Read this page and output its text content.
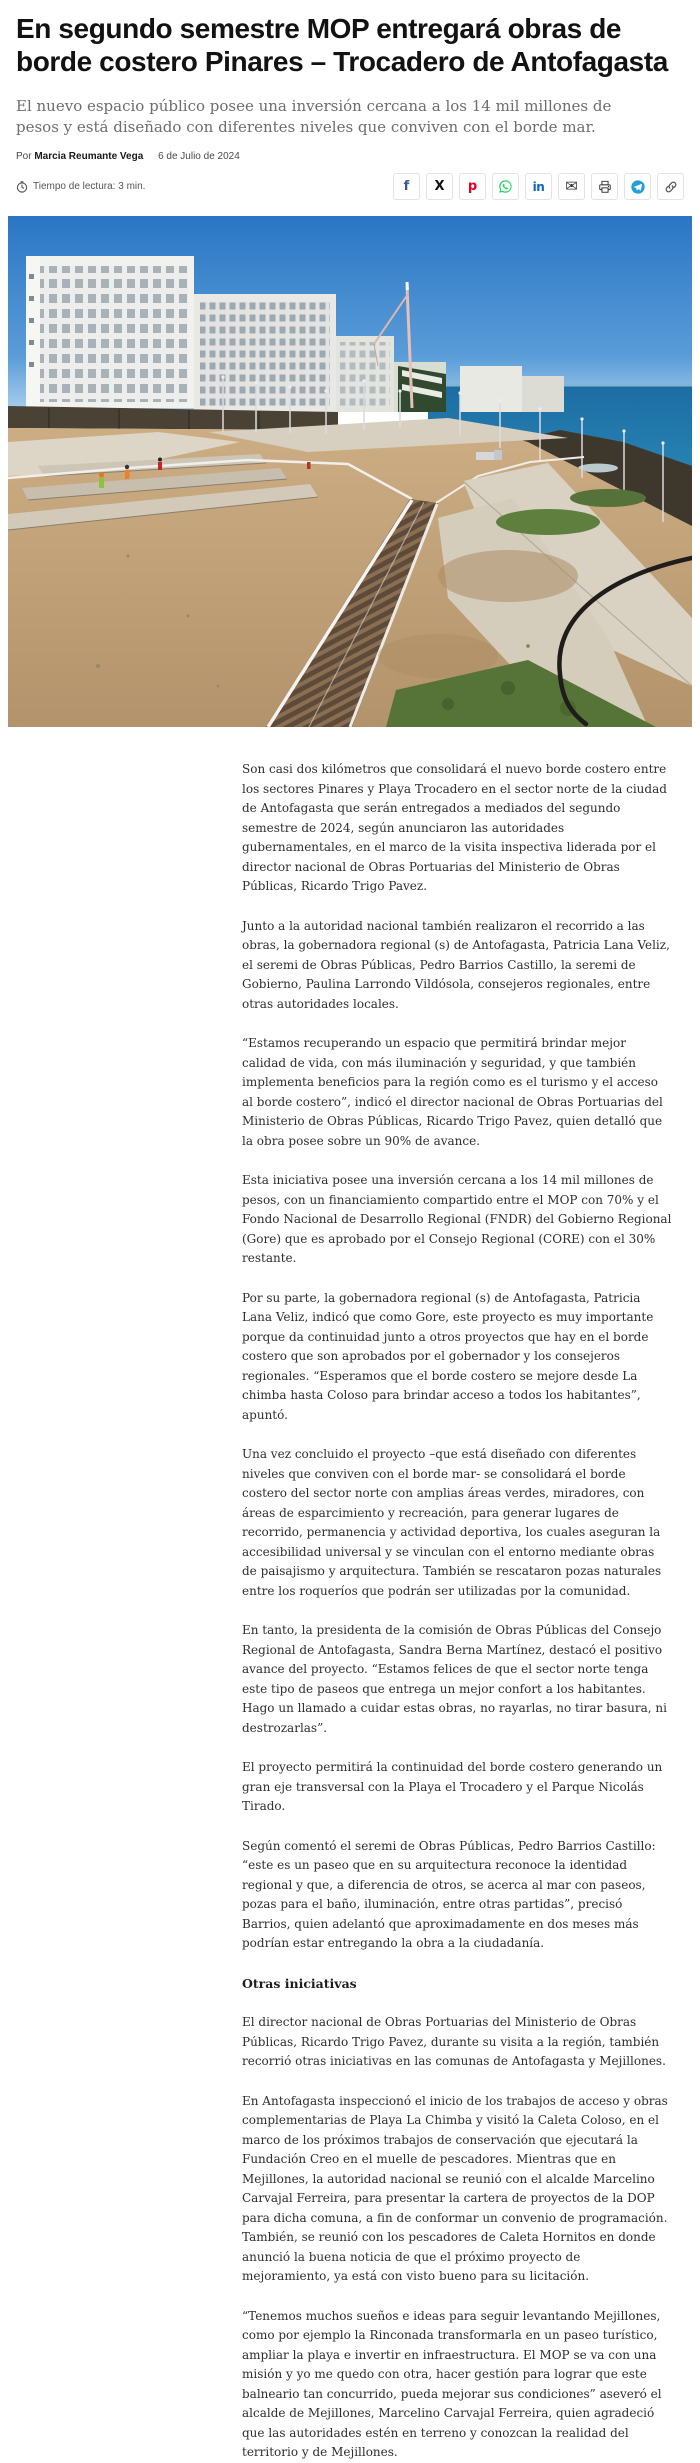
En segundo semestre MOP entregará obras de borde costero Pinares – Trocadero de Antofagasta

El nuevo espacio público posee una inversión cercana a los 14 mil millones de pesos y está diseñado con diferentes niveles que conviven con el borde mar.

Por Marcia Reumante Vega 6 de Julio de 2024
Tiempo de lectura: 3 min.	f X p	in ✉

Son casi dos kilómetros que consolidará el nuevo borde costero entre los sectores Pinares y Playa Trocadero en el sector norte de la ciudad de Antofagasta que serán entregados a mediados del segundo semestre de 2024, según anunciaron las autoridades gubernamentales, en el marco de la visita inspectiva liderada por el director nacional de Obras Portuarias del Ministerio de Obras Públicas, Ricardo Trigo Pavez.

Junto a la autoridad nacional también realizaron el recorrido a las obras, la gobernadora regional (s) de Antofagasta, Patricia Lana Veliz, el seremi de Obras Públicas, Pedro Barrios Castillo, la seremi de Gobierno, Paulina Larrondo Vildósola, consejeros regionales, entre otras autoridades locales.

“Estamos recuperando un espacio que permitirá brindar mejor calidad de vida, con más iluminación y seguridad, y que también implementa beneficios para la región como es el turismo y el acceso al borde costero”, indicó el director nacional de Obras Portuarias del Ministerio de Obras Públicas, Ricardo Trigo Pavez, quien detalló que la obra posee sobre un 90% de avance.

Esta iniciativa posee una inversión cercana a los 14 mil millones de pesos, con un financiamiento compartido entre el MOP con 70% y el Fondo Nacional de Desarrollo Regional (FNDR) del Gobierno Regional (Gore) que es aprobado por el Consejo Regional (CORE) con el 30% restante.

Por su parte, la gobernadora regional (s) de Antofagasta, Patricia Lana Veliz, indicó que como Gore, este proyecto es muy importante porque da continuidad junto a otros proyectos que hay en el borde costero que son aprobados por el gobernador y los consejeros regionales. “Esperamos que el borde costero se mejore desde La chimba hasta Coloso para brindar acceso a todos los habitantes”, apuntó.

Una vez concluido el proyecto –que está diseñado con diferentes niveles que conviven con el borde mar- se consolidará el borde costero del sector norte con amplias áreas verdes, miradores, con áreas de esparcimiento y recreación, para generar lugares de recorrido, permanencia y actividad deportiva, los cuales aseguran la accesibilidad universal y se vinculan con el entorno mediante obras de paisajismo y arquitectura. También se rescataron pozas naturales entre los roqueríos que podrán ser utilizadas por la comunidad.

En tanto, la presidenta de la comisión de Obras Públicas del Consejo Regional de Antofagasta, Sandra Berna Martínez, destacó el positivo avance del proyecto. “Estamos felices de que el sector norte tenga este tipo de paseos que entrega un mejor confort a los habitantes. Hago un llamado a cuidar estas obras, no rayarlas, no tirar basura, ni destrozarlas”.

El proyecto permitirá la continuidad del borde costero generando un gran eje transversal con la Playa el Trocadero y el Parque Nicolás Tirado.

Según comentó el seremi de Obras Públicas, Pedro Barrios Castillo: “este es un paseo que en su arquitectura reconoce la identidad regional y que, a diferencia de otros, se acerca al mar con paseos, pozas para el baño, iluminación, entre otras partidas”, precisó Barrios, quien adelantó que aproximadamente en dos meses más podrían estar entregando la obra a la ciudadanía.

Otras iniciativas

El director nacional de Obras Portuarias del Ministerio de Obras Públicas, Ricardo Trigo Pavez, durante su visita a la región, también recorrió otras iniciativas en las comunas de Antofagasta y Mejillones.

En Antofagasta inspeccionó el inicio de los trabajos de acceso y obras complementarias de Playa La Chimba y visitó la Caleta Coloso, en el marco de los próximos trabajos de conservación que ejecutará la Fundación Creo en el muelle de pescadores. Mientras que en Mejillones, la autoridad nacional se reunió con el alcalde Marcelino Carvajal Ferreira, para presentar la cartera de proyectos de la DOP para dicha comuna, a fin de conformar un convenio de programación. También, se reunió con los pescadores de Caleta Hornitos en donde anunció la buena noticia de que el próximo proyecto de mejoramiento, ya está con visto bueno para su licitación.

“Tenemos muchos sueños e ideas para seguir levantando Mejillones, como por ejemplo la Rinconada transformarla en un paseo turístico, ampliar la playa e invertir en infraestructura. El MOP se va con una misión y yo me quedo con otra, hacer gestión para lograr que este balneario tan concurrido, pueda mejorar sus condiciones” aseveró el alcalde de Mejillones, Marcelino Carvajal Ferreira, quien agradeció que las autoridades estén en terreno y conozcan la realidad del territorio y de Mejillones.
